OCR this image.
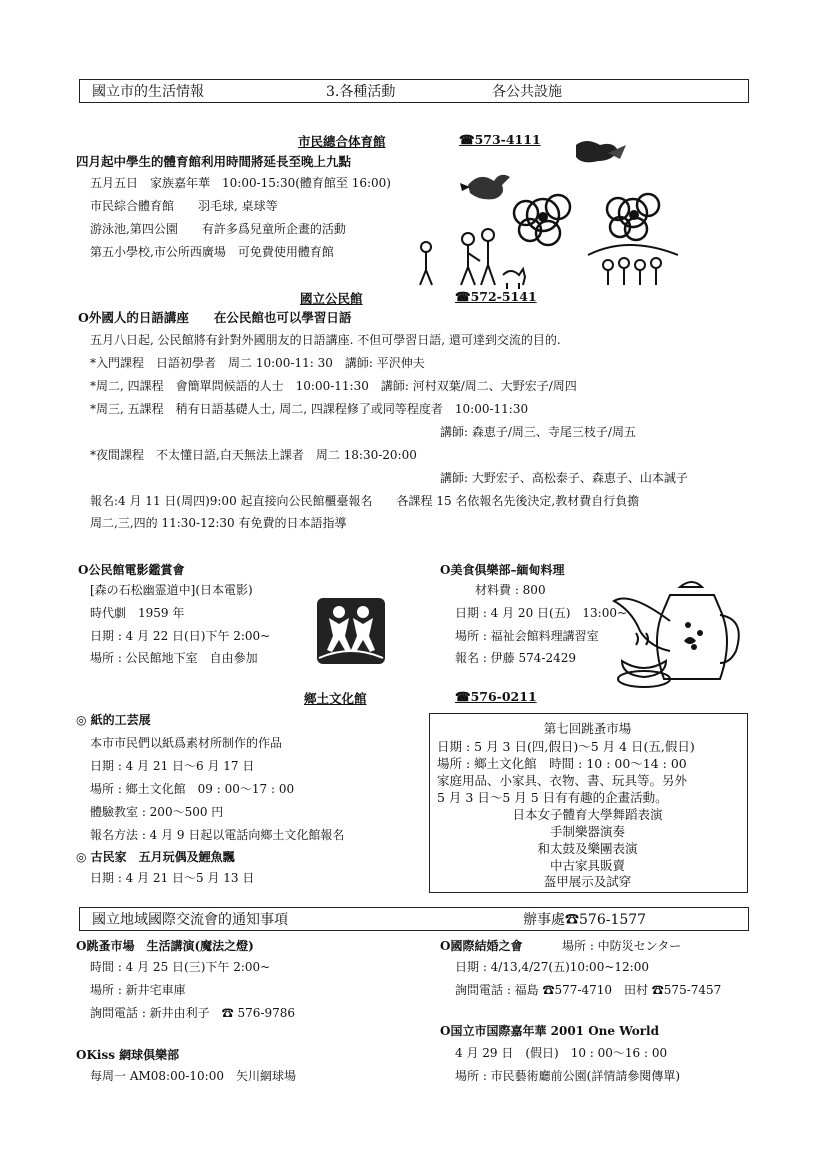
國立市的生活情報	3.各種活動	各公共設施
市民總合体育館	☎573-4111
四月起中學生的體育館利用時間將延長至晚上九點
五月五日　家族嘉年華　10:00-15:30(體育館至 16:00)
市民綜合體育館　　羽毛球, 桌球等
游泳池,第四公園　　有許多爲兒童所企畫的活動
第五小學校,市公所西廣場　可免費使用體育館
國立公民館	☎572-5141
O外國人的日語講座　　在公民館也可以學習日語
五月八日起, 公民館將有針對外國朋友的日語講座. 不但可學習日語, 還可達到交流的目的.
*入門課程　日語初學者　周二 10:00-11: 30　講師: 平沢伸夫
*周二, 四課程　會簡單問候語的人士　10:00-11:30　講師: 河村双葉/周二、大野宏子/周四
*周三, 五課程　稍有日語基礎人士, 周二, 四課程修了或同等程度者　10:00-11:30
講師: 森恵子/周三、寺尾三枝子/周五
*夜間課程　不太懂日語,白天無法上課者　周二 18:30-20:00
講師: 大野宏子、高松泰子、森恵子、山本誠子
報名:4 月 11 日(周四)9:00 起直接向公民館櫃臺報名　　各課程 15 名依報名先後決定,教材費自行負擔
周二,三,四的 11:30-12:30 有免費的日本語指導
O公民館電影鑑賞會
[森の石松幽霊道中](日本電影)
時代劇　1959 年
日期 : 4 月 22 日(日)下午 2:00~
場所 : 公民館地下室　自由參加
O美食俱樂部–緬甸料理
材料費 : 800
日期 : 4 月 20 日(五)　13:00~
場所 : 福祉会館料理講習室
報名 : 伊藤 574-2429
鄉土文化館	☎576-0211
◎ 紙的工芸展
本市市民們以紙爲素材所制作的作品
日期 : 4 月 21 日～6 月 17 日
場所 : 鄉土文化館　09 : 00～17 : 00
體驗教室 : 200～500 円
報名方法 : 4 月 9 日起以電話向鄉土文化館報名
◎ 古民家　五月玩偶及鯉魚飄
日期 : 4 月 21 日～5 月 13 日
第七回跳蚤市場
日期 : 5 月 3 日(四,假日)～5 月 4 日(五,假日)
場所 : 鄉土文化館　時間 : 10 : 00～14 : 00
家庭用品、小家具、衣物、書、玩具等。另外
5 月 3 日～5 月 5 日有有趣的企畫活動。
日本女子體育大學舞蹈表演
手制樂器演奏
和太鼓及樂團表演
中古家具販賣
盔甲展示及試穿
國立地域國際交流會的通知事項	辦事處☎576-1577
O跳蚤市場　生活講演(魔法之燈)
時間 : 4 月 25 日(三)下午 2:00~
場所 : 新井宅車庫
詢問電話 : 新井由利子　☎ 576-9786
OKiss 網球俱樂部
每周一 AM08:00-10:00　矢川網球場
O國際結婚之會	場所 : 中防災センター
日期 : 4/13,4/27(五)10:00~12:00
詢問電話 : 福島 ☎577-4710　田村 ☎575-7457
O国立市国際嘉年華 2001 One World
4 月 29 日　(假日)　10 : 00～16 : 00
場所 : 市民藝術廳前公園(詳情請參閱傳單)
